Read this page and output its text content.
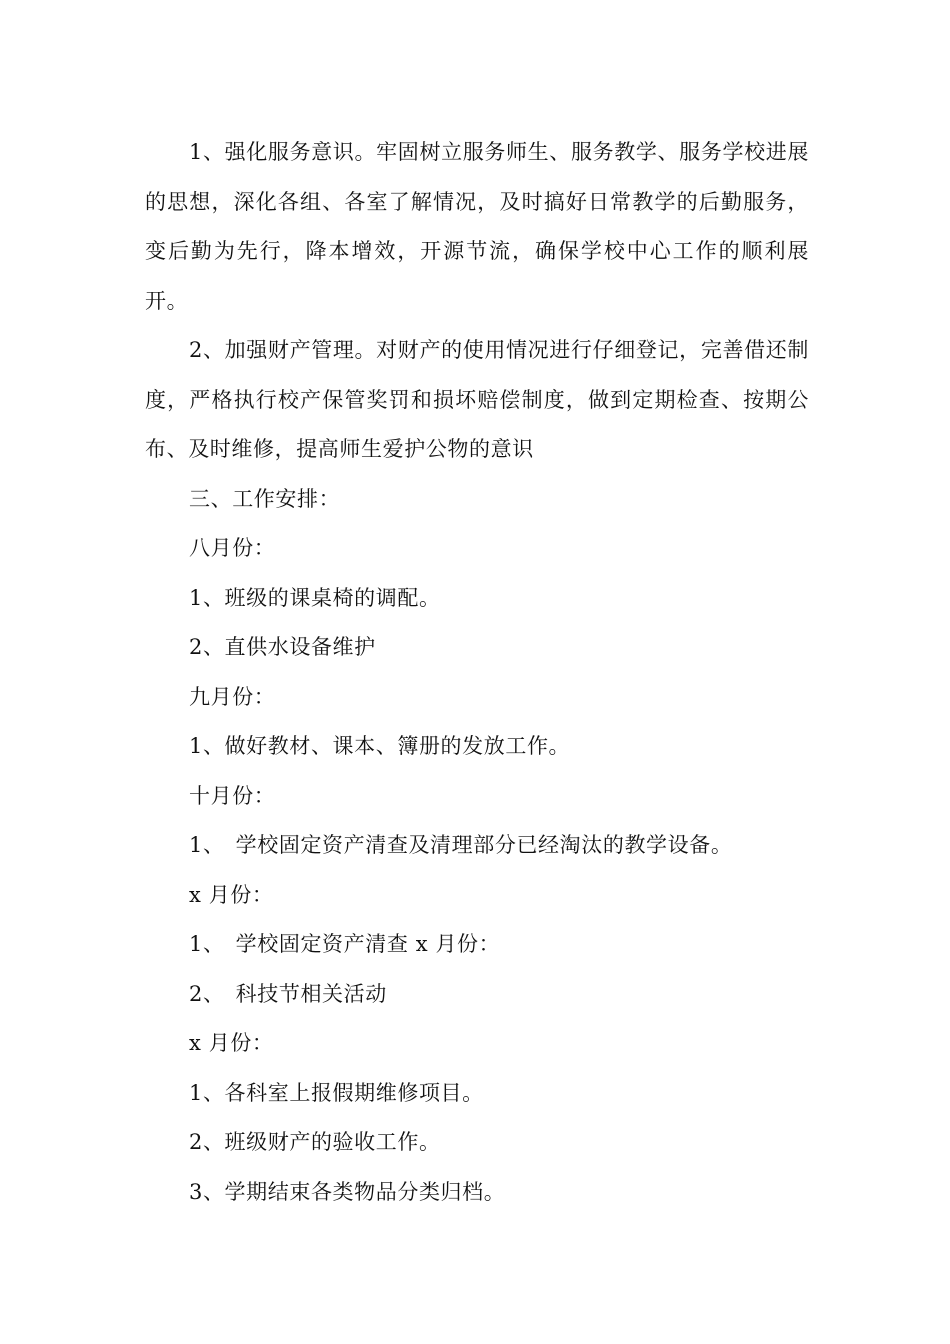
1、强化服务意识。牢固树立服务师生、服务教学、服务学校进展的思想，深化各组、各室了解情况，及时搞好日常教学的后勤服务，变后勤为先行，降本增效，开源节流，确保学校中心工作的顺利展开。

2、加强财产管理。对财产的使用情况进行仔细登记，完善借还制度，严格执行校产保管奖罚和损坏赔偿制度，做到定期检查、按期公布、及时维修，提高师生爱护公物的意识

三、工作安排：

八月份：

1、班级的课桌椅的调配。

2、直供水设备维护

九月份：

1、做好教材、课本、簿册的发放工作。

十月份：

1、　学校固定资产清查及清理部分已经淘汰的教学设备。

x 月份：

1、　学校固定资产清查 x 月份：

2、　科技节相关活动

x 月份：

1、各科室上报假期维修项目。

2、班级财产的验收工作。

3、学期结束各类物品分类归档。
